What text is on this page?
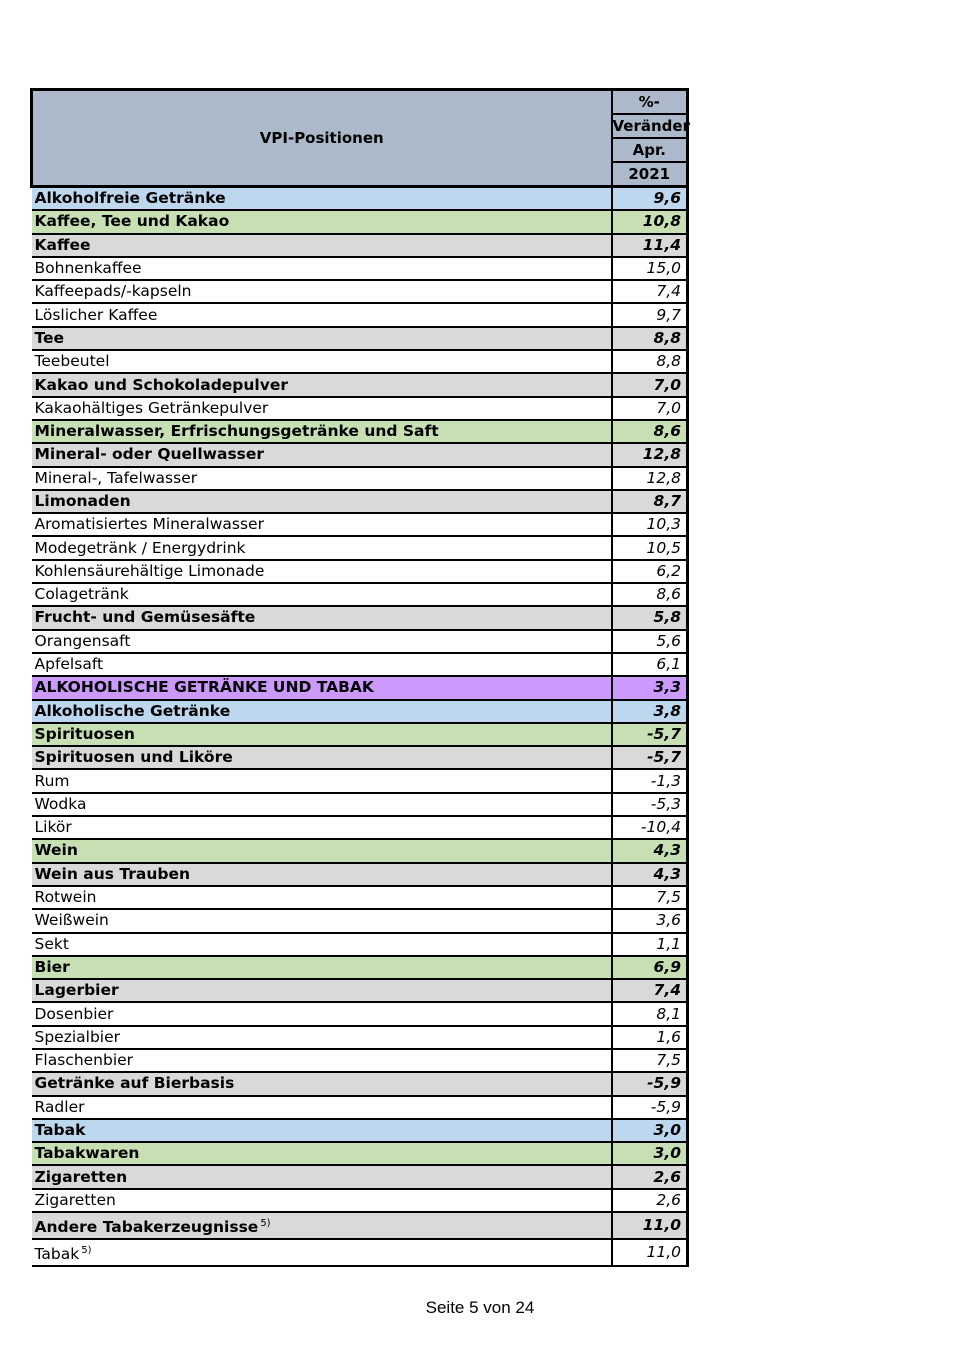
VPI-Positionen	%-
	Veränder
	Apr.
	2021
Alkoholfreie Getränke	9,6
Kaffee, Tee und Kakao	10,8
Kaffee	11,4
Bohnenkaffee	15,0
Kaffeepads/-kapseln	7,4
Löslicher Kaffee	9,7
Tee	8,8
Teebeutel	8,8
Kakao und Schokoladepulver	7,0
Kakaohältiges Getränkepulver	7,0
Mineralwasser, Erfrischungsgetränke und Saft	8,6
Mineral- oder Quellwasser	12,8
Mineral-, Tafelwasser	12,8
Limonaden	8,7
Aromatisiertes Mineralwasser	10,3
Modegetränk / Energydrink	10,5
Kohlensäurehältige Limonade	6,2
Colagetränk	8,6
Frucht- und Gemüsesäfte	5,8
Orangensaft	5,6
Apfelsaft	6,1
ALKOHOLISCHE GETRÄNKE UND TABAK	3,3
Alkoholische Getränke	3,8
Spirituosen	-5,7
Spirituosen und Liköre	-5,7
Rum	-1,3
Wodka	-5,3
Likör	-10,4
Wein	4,3
Wein aus Trauben	4,3
Rotwein	7,5
Weißwein	3,6
Sekt	1,1
Bier	6,9
Lagerbier	7,4
Dosenbier	8,1
Spezialbier	1,6
Flaschenbier	7,5
Getränke auf Bierbasis	-5,9
Radler	-5,9
Tabak	3,0
Tabakwaren	3,0
Zigaretten	2,6
Zigaretten	2,6
Andere Tabakerzeugnisse $^{5)}$	11,0
Tabak $^{5)}$	11,0
Seite 5 von 24
